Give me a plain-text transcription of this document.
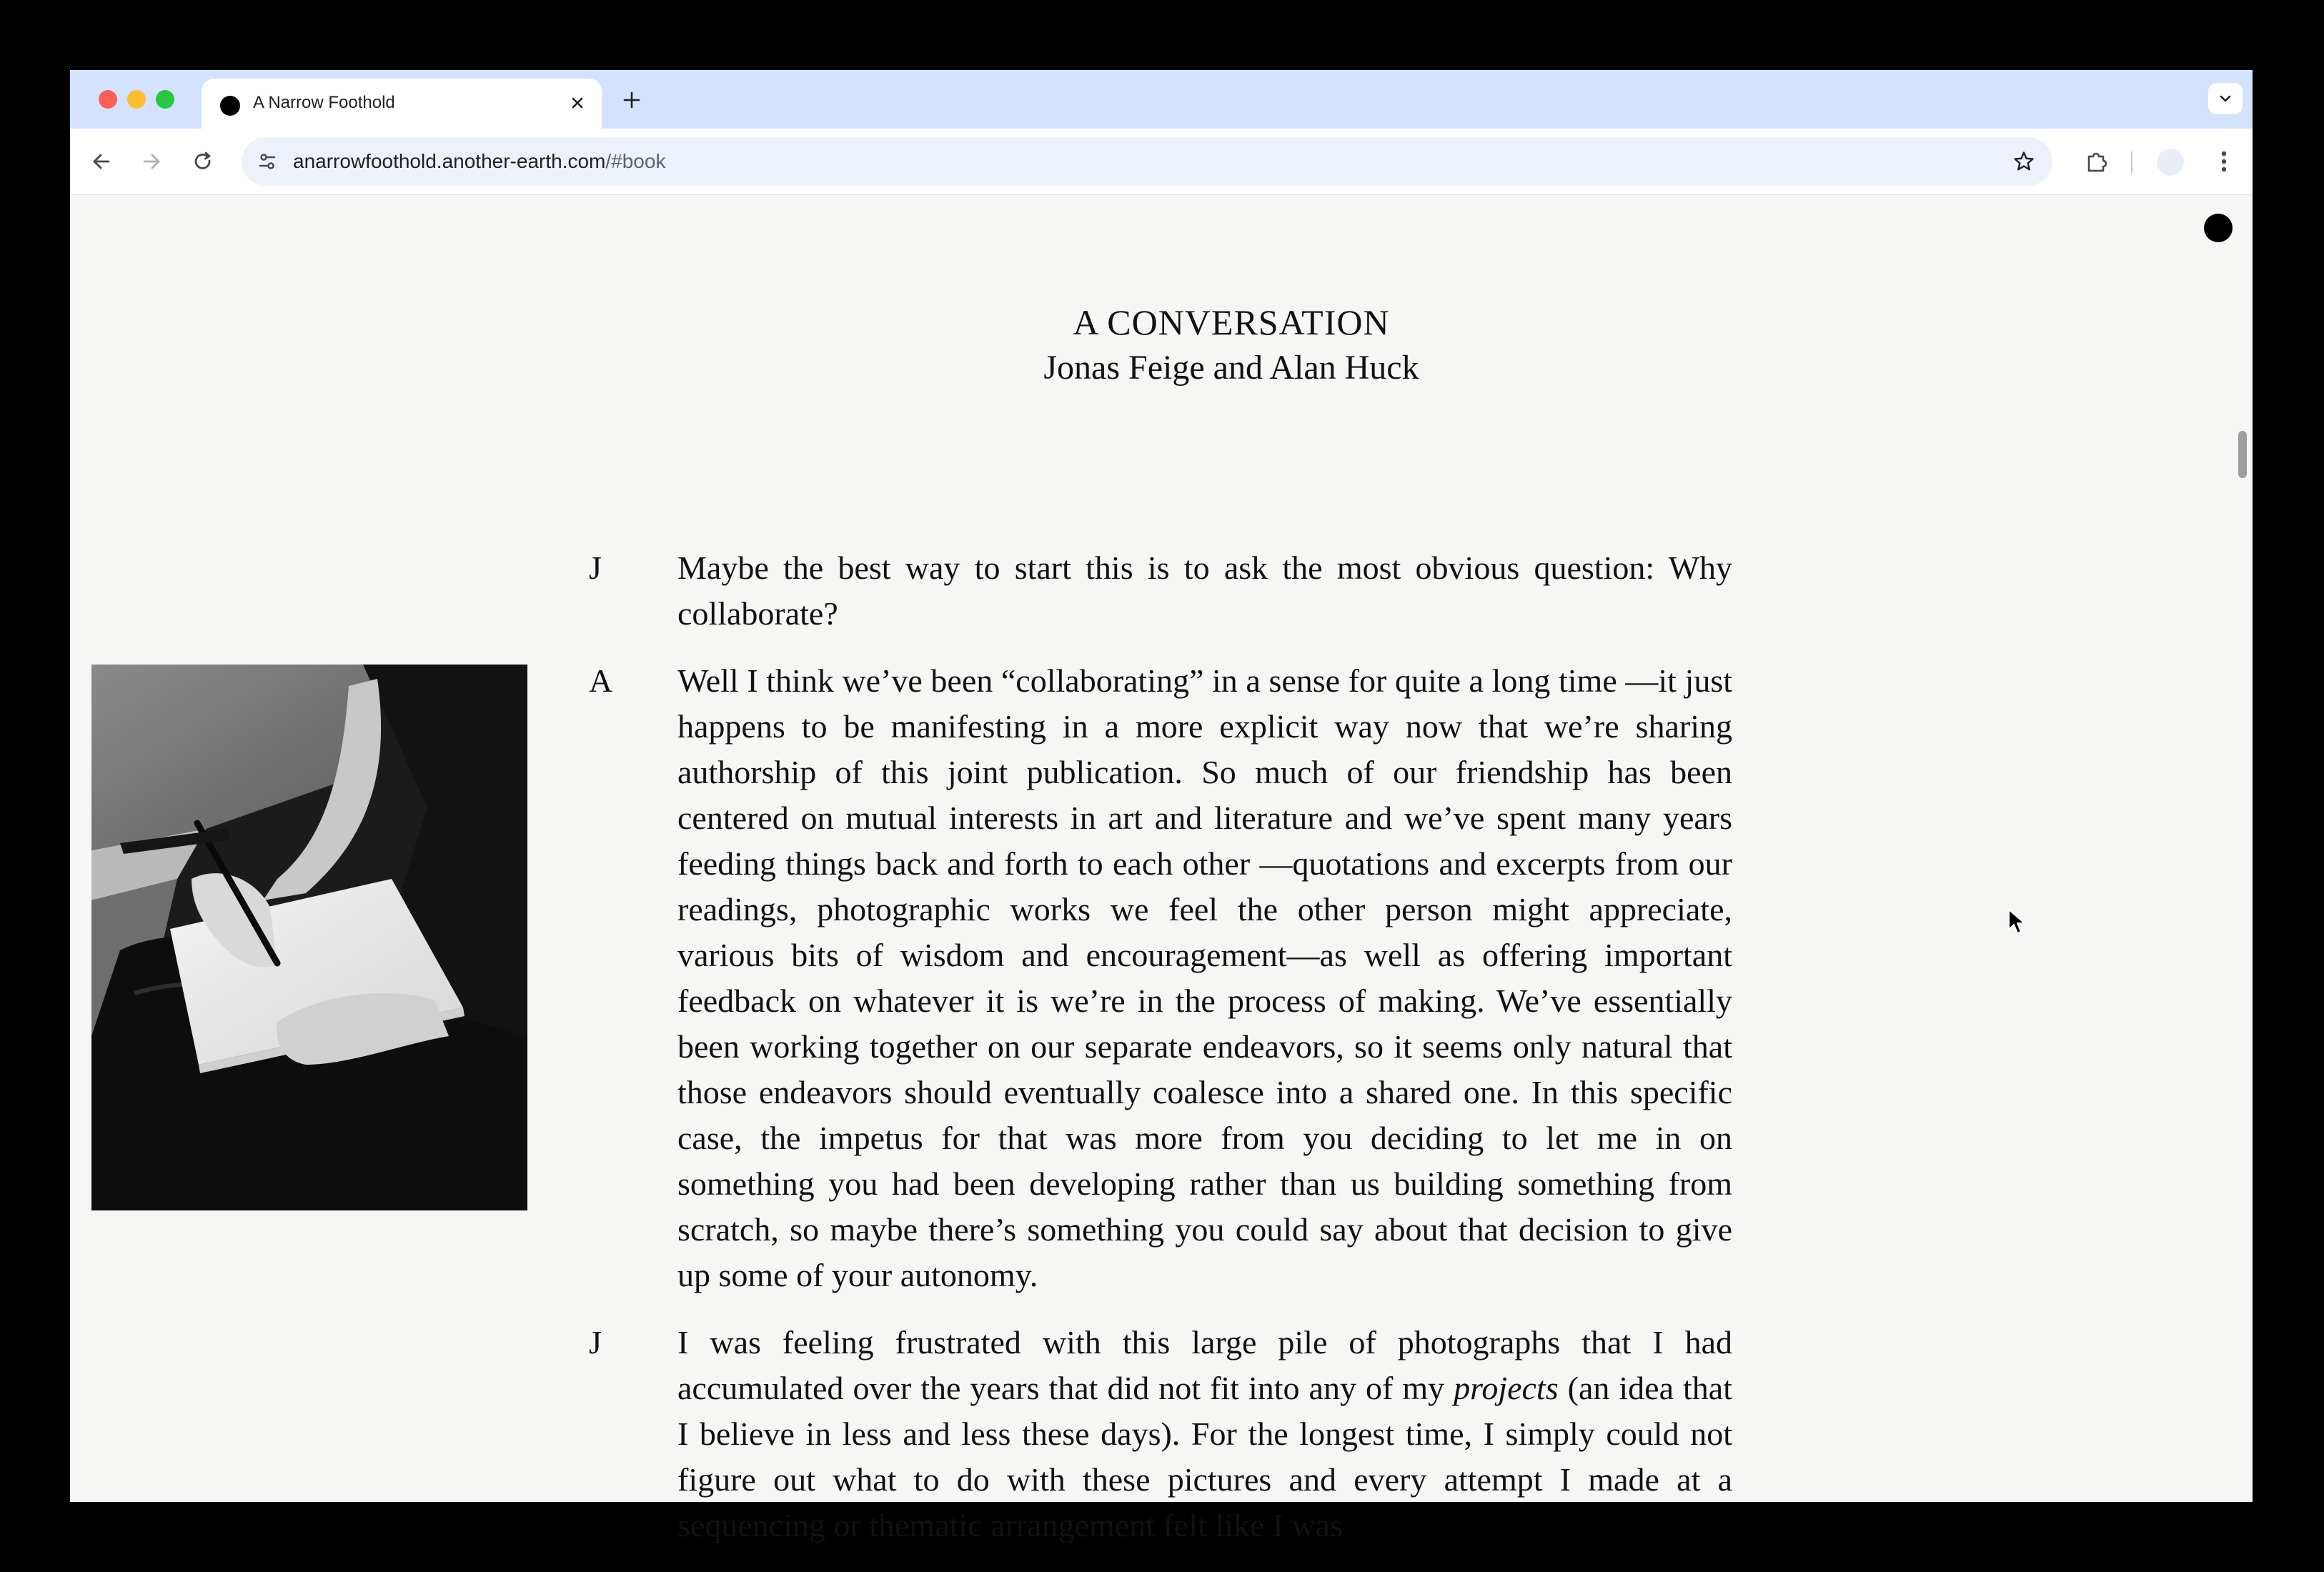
A Narrow Foothold
anarrowfoothold.another-earth.com/#book
A CONVERSATION
Jonas Feige and Alan Huck
J	Maybe the best way to start this is to ask the most obvious question: Why collaborate?
A	Well I think we’ve been “collaborating” in a sense for quite a long time —it just happens to be manifesting in a more explicit way now that we’re sharing authorship of this joint publication. So much of our friendship has been centered on mutual interests in art and literature and we’ve spent many years feeding things back and forth to each other —quotations and excerpts from our readings, photographic works we feel the other person might appreciate, various bits of wisdom and encouragement—as well as offering important feedback on whatever it is we’re in the process of making. We’ve essentially been working together on our separate endeavors, so it seems only natural that those endeavors should eventually coalesce into a shared one. In this specific case, the impetus for that was more from you deciding to let me in on something you had been developing rather than us building something from scratch, so maybe there’s something you could say about that decision to give up some of your autonomy.
J	I was feeling frustrated with this large pile of photographs that I had accumulated over the years that did not fit into any of my projects (an idea that I believe in less and less these days). For the longest time, I simply could not figure out what to do with these pictures and every attempt I made at a sequencing or thematic arrangement felt like I was
